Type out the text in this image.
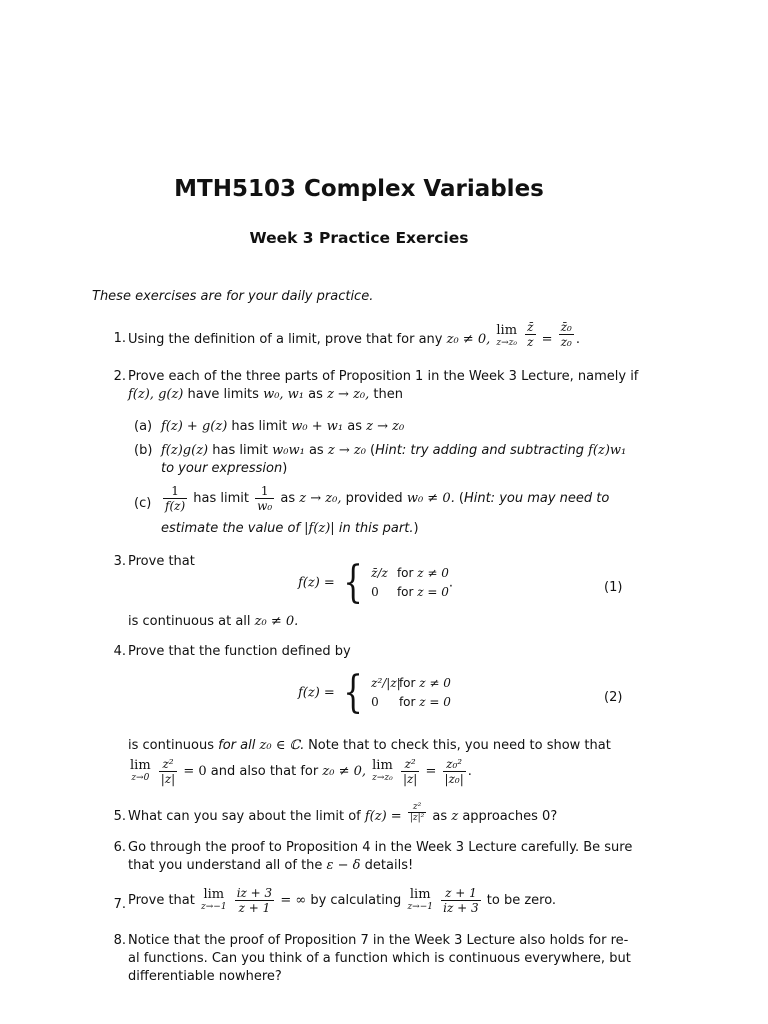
MTH5103 Complex Variables
Week 3 Practice Exercies
These exercises are for your daily practice.
1. Using the definition of a limit, prove that for any z₀ ≠ 0,
lim
z→z₀
$\frac{z̄}{z} = \frac{\text{z̄₀}}{\text{z₀}}$ .
2. Prove each of the three parts of Proposition 1 in the Week 3 Lecture, namely if
f(z), g(z) have limits w₀, w₁ as z → z₀, then
(a) f(z) + g(z) has limit w₀ + w₁ as z → z₀
(b) f(z)g(z) has limit w₀w₁ as z → z₀ (Hint: try adding and subtracting f(z)w₁
to your expression)
$(c) \frac{1}{f(z)}$ has limit $\frac{1}{\text{w₀}}$ as z → z₀, provided w₀ ≠ 0. (Hint: you may need to
estimate the value of |f(z)| in this part.)
3. Prove that
f(z) = { z̄/z for z ≠ 0
0 for z = 0.	(1)
is continuous at all z₀ ≠ 0.
4. Prove that the function defined by
f(z) = { z²/|z| for z ≠ 0
0 for z = 0	(2)
is continuous for all z₀ ∈ ℂ. Note that to check this, you need to show that
lim
z→0
$\frac{\text{z²}}{|z|} = 0$ and also that for z₀ ≠ 0, lim
z→z₀
$\frac{\text{z²}}{|z|} = \frac{\text{z₀²}}{\text{|z₀|}}$ .
5. What can you say about the limit of $f(z) = \frac{\text{z²}}{\text{|z|²}}$ as z approaches 0?
6. Go through the proof to Proposition 4 in the Week 3 Lecture carefully. Be sure
that you understand all of the ε − δ details!
7. Prove that lim
z→−1
$\frac{iz + 3}{z + 1}$ = ∞ by calculating lim
z→−1
$\frac{z + 1}{iz + 3}$ to be zero.
8. Notice that the proof of Proposition 7 in the Week 3 Lecture also holds for re-
al functions. Can you think of a function which is continuous everywhere, but
differentiable nowhere?
